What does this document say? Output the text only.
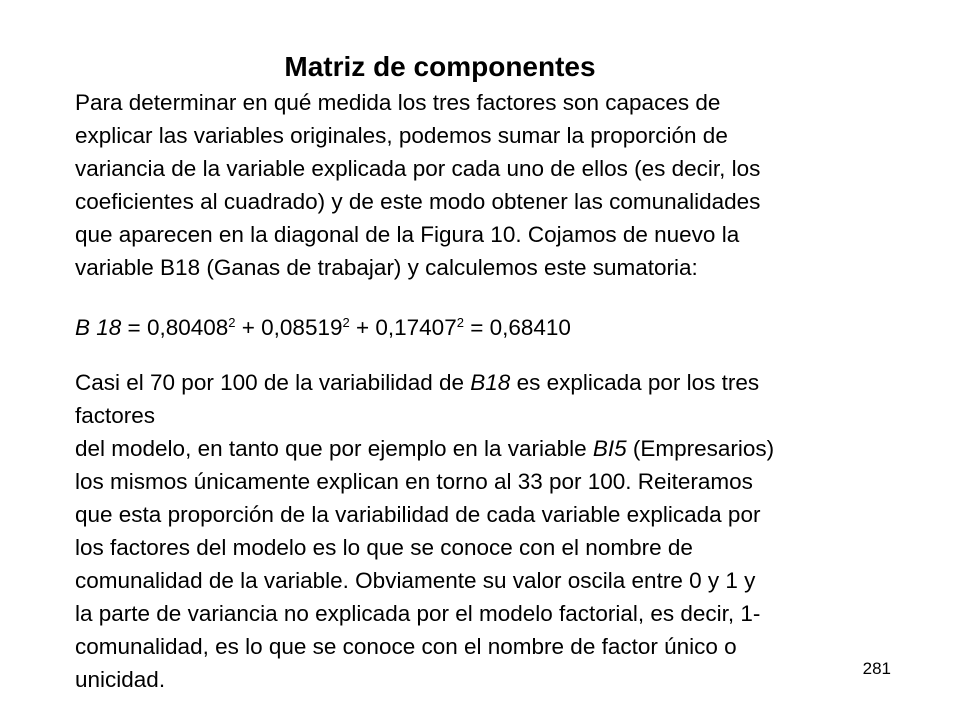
Matriz de componentes
Para determinar en qué medida los tres factores son capaces de
explicar las variables originales, podemos sumar la proporción de
variancia de la variable explicada por cada uno de ellos (es decir, los
coeficientes al cuadrado) y de este modo obtener las comunalidades
que aparecen en la diagonal de la Figura 10. Cojamos de nuevo la
variable B18 (Ganas de trabajar) y calculemos este sumatoria:
B $18 = 0,80408^2 + 0,08519^2 + 0,17407^2 = 0,68410$
Casi el 70 por 100 de la variabilidad de B18 es explicada por los tres
factores
del modelo, en tanto que por ejemplo en la variable BI5 (Empresarios)
los mismos únicamente explican en torno al 33 por 100. Reiteramos
que esta proporción de la variabilidad de cada variable explicada por
los factores del modelo es lo que se conoce con el nombre de
comunalidad de la variable. Obviamente su valor oscila entre 0 y 1 y
la parte de variancia no explicada por el modelo factorial, es decir, 1-
comunalidad, es lo que se conoce con el nombre de factor único o
unicidad.	281
